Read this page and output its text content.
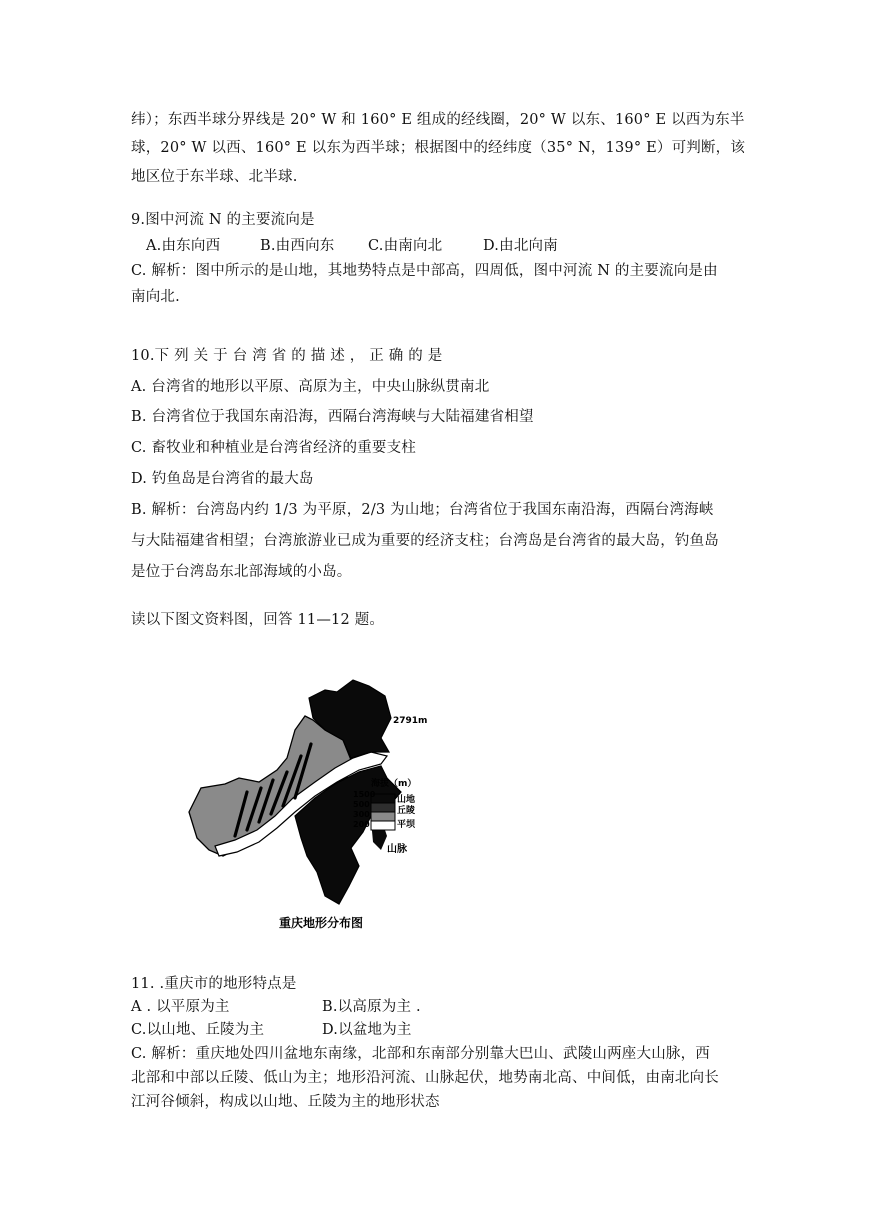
纬）；东西半球分界线是 20° W 和 160° E 组成的经线圈，20° W 以东、160° E 以西为东半
球，20° W 以西、160° E 以东为西半球；根据图中的经纬度（35° N，139° E）可判断，该
地区位于东半球、北半球.
9.图中河流 N 的主要流向是
A.由东向西	B.由西向东 C.由南向北	D.由北向南
C. 解析：图中所示的是山地，其地势特点是中部高，四周低，图中河流 N 的主要流向是由
南向北.
10.下 列 关 于 台 湾 省 的 描 述 ， 正 确 的 是
A. 台湾省的地形以平原、高原为主，中央山脉纵贯南北
B. 台湾省位于我国东南沿海，西隔台湾海峡与大陆福建省相望
C. 畜牧业和种植业是台湾省经济的重要支柱
D. 钓鱼岛是台湾省的最大岛
B. 解析：台湾岛内约 1/3 为平原，2/3 为山地；台湾省位于我国东南沿海，西隔台湾海峡
与大陆福建省相望；台湾旅游业已成为重要的经济支柱；台湾岛是台湾省的最大岛，钓鱼岛
是位于台湾岛东北部海域的小岛。
读以下图文资料图，回答 11—12 题。
2791m
海拔（m）
1500
500
300
200
山地
丘陵
平坝
山脉
重庆地形分布图
11. .重庆市的地形特点是
A . 以平原为主	B.以高原为主 .
C.以山地、丘陵为主	D.以盆地为主
C. 解析：重庆地处四川盆地东南缘，北部和东南部分别靠大巴山、武陵山两座大山脉，西
北部和中部以丘陵、低山为主；地形沿河流、山脉起伏，地势南北高、中间低，由南北向长
江河谷倾斜，构成以山地、丘陵为主的地形状态
